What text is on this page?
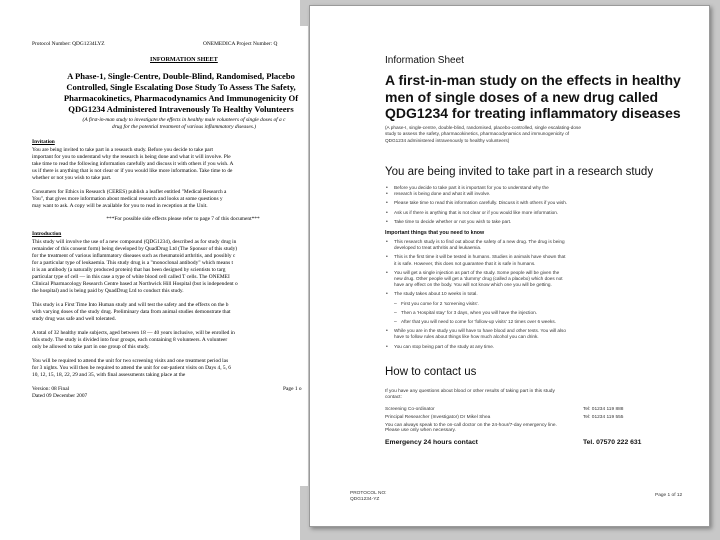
Protocol Number: QDG1234LYZ	ONEMEDICA Project Number: Q
INFORMATION SHEET
A Phase-1, Single-Centre, Double-Blind, Randomised, Placebo
Controlled, Single Escalating Dose Study To Assess The Safety,
Pharmacokinetics, Pharmacodynamics And Immunogenicity Of
QDG1234 Administered Intravenously To Healthy Volunteers
(A first-in-man study to investigate the effects in healthy male volunteers of single doses of a c
drug for the potential treatment of various inflammatory diseases.)
Invitation
You are being invited to take part in a research study. Before you decide to take part
important for you to understand why the research is being done and what it will involve. Ple
take time to read the following information carefully and discuss it with others if you wish. A
us if there is anything that is not clear or if you would like more information. Take time to de
whether or not you wish to take part.
Consumers for Ethics in Research (CERES) publish a leaflet entitled "Medical Research a
You", that gives more information about medical research and looks at some questions y
may want to ask. A copy will be available for you to read in reception at the Unit.
***For possible side effects please refer to page 7 of this document***
Introduction
This study will involve the use of a new compound (QDG1234), described as for study drug in
remainder of this consent form) being developed by QuadDrug Ltd (The Sponsor of this study)
for the treatment of various inflammatory diseases such as rheumatoid arthritis, and possibly c
for a particular type of leukaemia. This study drug is a "monoclonal antibody" which means t
it is an antibody (a naturally produced protein) that has been designed by scientists to targ
particular type of cell — in this case a type of white blood cell called T cells. The ONEMEI
Clinical Pharmacology Research Centre based at Northwick Hill Hospital (but is independent o
the hospital) and is being paid by QuadDrug Ltd to conduct this study.
This study is a First Time Into Human study and will test the safety and the effects on the b
with varying doses of the study drug. Preliminary data from animal studies demonstrate that
study drug was safe and well tolerated.
A total of 32 healthy male subjects, aged between 18 — 40 years inclusive, will be enrolled in
this study. The study is divided into four groups, each containing 8 volunteers. A volunteer
only be allowed to take part in one group of this study.
You will be required to attend the unit for two screening visits and one treatment period las
for 3 nights. You will then be required to attend the unit for out-patient visits on Days 4, 5, 6
10, 12, 15, 18, 22, 29 and 35, with final assessments taking place at the
Version: 08 Final
Dated 09 December 2007
Page 1 o
Information Sheet
A first-in-man study on the effects in healthy
men of single doses of a new drug called
QDG1234 for treating inflammatory diseases
(A phase-I, single-centre, double-blind, randomised, placebo-controlled, single escalating-dose
study to assess the safety, pharmacokinetics, pharmacodynamics and immunogenicity of
QDG1234 administered intravenously to healthy volunteers)
You are being invited to take part in a research study
• Before you decide to take part it is important for you to understand why the
• research is being done and what it will involve.
• Please take time to read this information carefully. Discuss it with others if you wish.
• Ask us if there is anything that is not clear or if you would like more information.
• Take time to decide whether or not you wish to take part.
Important things that you need to know
• This research study is to find out about the safety of a new drug. The drug is being
developed to treat arthritis and leukaemia.
• This is the first time it will be tested in humans. Studies in animals have shown that
it is safe. However, this does not guarantee that it is safe in humans.
• You will get a single injection as part of the study. Some people will be given the
new drug. Other people will get a 'dummy' drug (called a placebo) which does not
have any effect on the body. You will not know which one you will be getting.
• The study takes about 10 weeks in total.
– First you come for 2 'screening visits'.
– Then a 'Hospital stay' for 3 days, when you will have the injection.
– After that you will need to come for 'follow-up visits' 12 times over 6 weeks.
• While you are in the study you will have to have blood and other tests. You will also
have to follow rules about things like how much alcohol you can drink.
• You can stop being part of the study at any time.
How to contact us
If you have any questions about blood or other results of taking part in this study
contact:
Screening Co-ordinator	Tel: 01234 119 888
Principal Researcher (Investigator) Dr Mikel Shea	Tel: 01234 119 555
You can always speak to the on-call doctor on the 24-hour/7-day emergency line.
Please use only when necessary.
Emergency 24 hours contact	Tel. 07570 222 631
PROTOCOL NO:
QDG1234-YZ
Page 1 of 12
